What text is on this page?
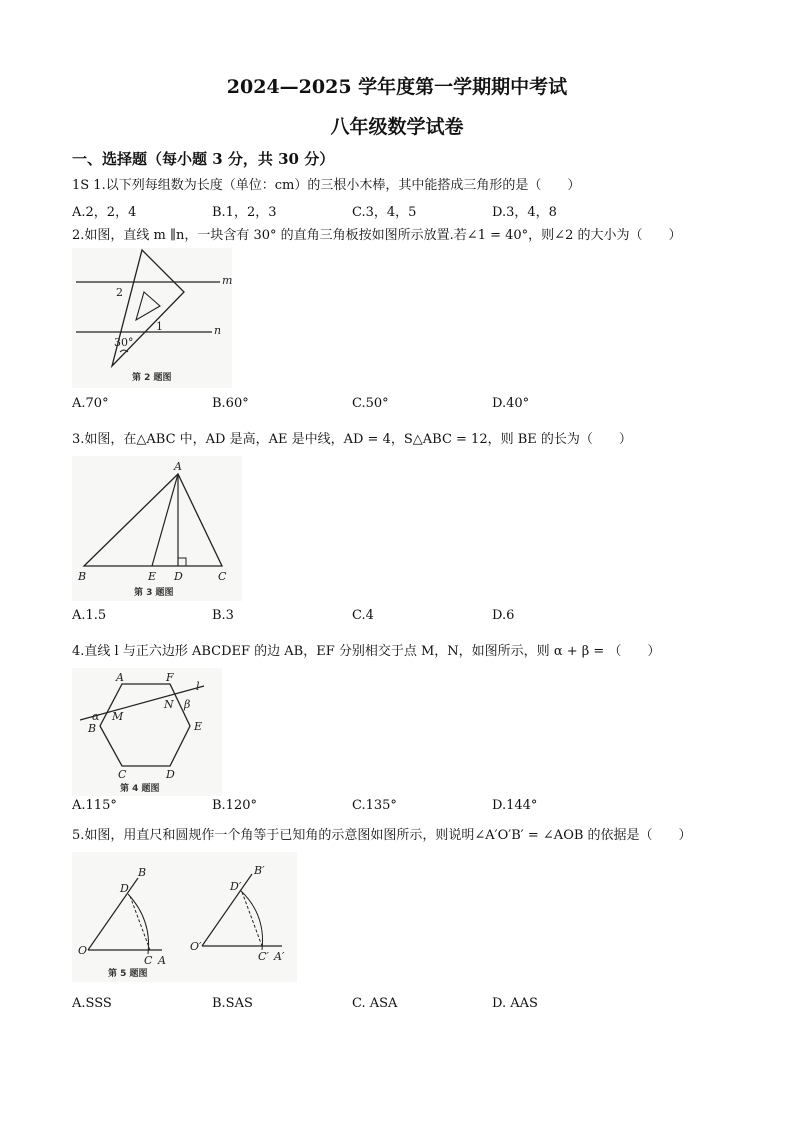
2024—2025 学年度第一学期期中考试
八年级数学试卷
一、选择题（每小题 3 分，共 30 分）
1S 1.以下列每组数为长度（单位：cm）的三根小木棒，其中能搭成三角形的是（　　）
A.2，2，4	B.1，2，3	C.3，4，5	D.3，4，8
2.如图，直线 m ∥n，一块含有 30° 的直角三角板按如图所示放置.若∠1 = 40°，则∠2 的大小为（　　）
m
n
2
1
30°
第 2 题图
A.70°	B.60°	C.50°	D.40°
3.如图，在△ABC 中，AD 是高，AE 是中线，AD = 4，S△ABC = 12，则 BE 的长为（　　）
A
B	E D	C
第 3 题图
A.1.5	B.3	C.4	D.6
4.直线 l 与正六边形 ABCDEF 的边 AB，EF 分别相交于点 M，N，如图所示，则 α + β = （　　）
A	F
l
M
N
α
β
B	E
C	D
第 4 题图
A.115°	B.120°	C.135°	D.144°
5.如图，用直尺和圆规作一个角等于已知角的示意图如图所示，则说明∠A′O′B′ = ∠AOB 的依据是（　　）
B
D
O
C A
B′
D′
O′
C′ A′
第 5 题图
A.SSS	B.SAS	C. ASA	D. AAS
